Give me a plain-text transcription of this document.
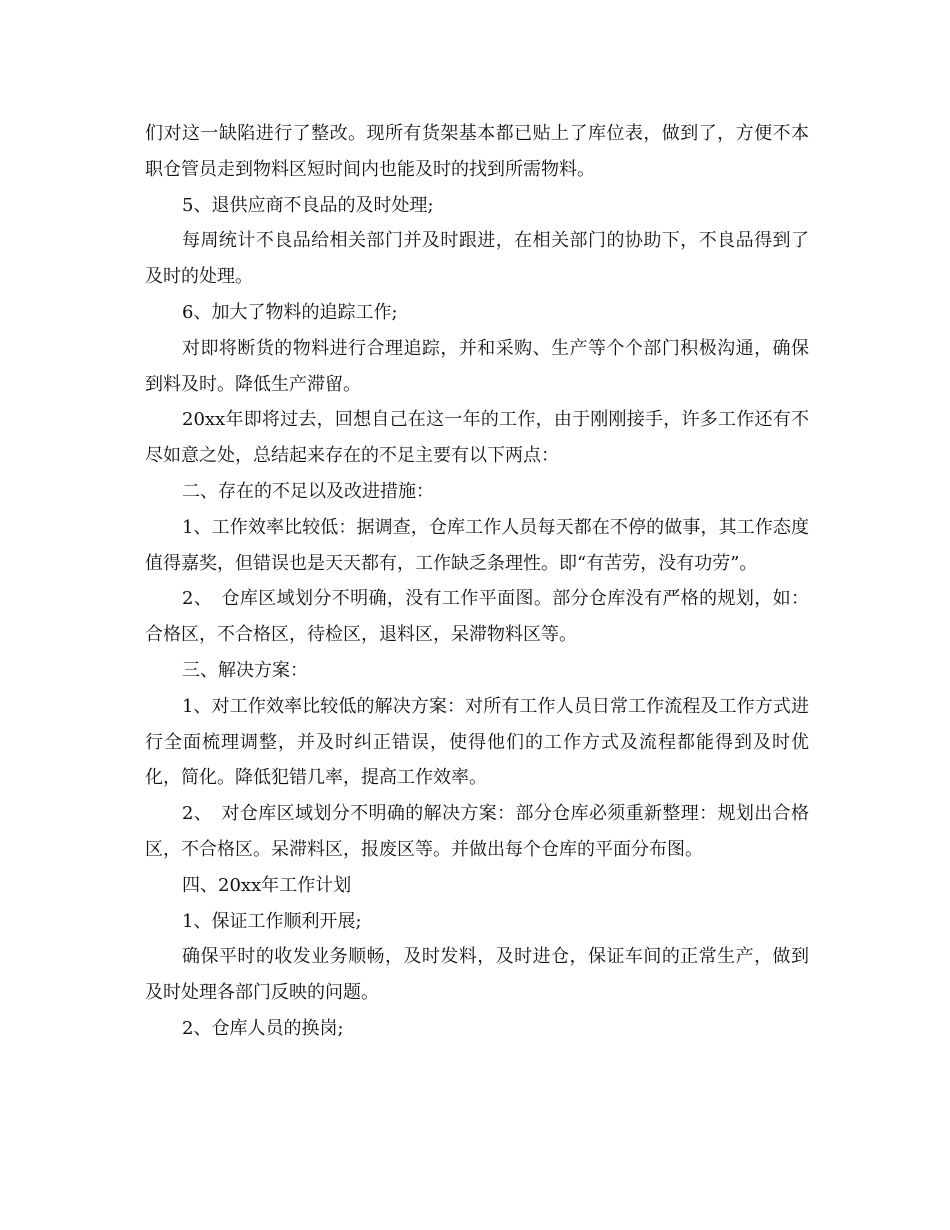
们对这一缺陷进行了整改。现所有货架基本都已贴上了库位表，做到了，方便不本职仓管员走到物料区短时间内也能及时的找到所需物料。

5、退供应商不良品的及时处理;

每周统计不良品给相关部门并及时跟进，在相关部门的协助下，不良品得到了及时的处理。

6、加大了物料的追踪工作;

对即将断货的物料进行合理追踪，并和采购、生产等个个部门积极沟通，确保到料及时。降低生产滞留。

20xx年即将过去，回想自己在这一年的工作，由于刚刚接手，许多工作还有不尽如意之处，总结起来存在的不足主要有以下两点：

二、存在的不足以及改进措施：

1、工作效率比较低：据调查，仓库工作人员每天都在不停的做事，其工作态度值得嘉奖，但错误也是天天都有，工作缺乏条理性。即“有苦劳，没有功劳”。

2、　仓库区域划分不明确，没有工作平面图。部分仓库没有严格的规划，如：合格区，不合格区，待检区，退料区，呆滞物料区等。

三、解决方案：

1、对工作效率比较低的解决方案：对所有工作人员日常工作流程及工作方式进行全面梳理调整，并及时纠正错误，使得他们的工作方式及流程都能得到及时优化，简化。降低犯错几率，提高工作效率。

2、　对仓库区域划分不明确的解决方案：部分仓库必须重新整理：规划出合格区，不合格区。呆滞料区，报废区等。并做出每个仓库的平面分布图。

四、20xx年工作计划

1、保证工作顺利开展;

确保平时的收发业务顺畅，及时发料，及时进仓，保证车间的正常生产，做到及时处理各部门反映的问题。

2、仓库人员的换岗;
